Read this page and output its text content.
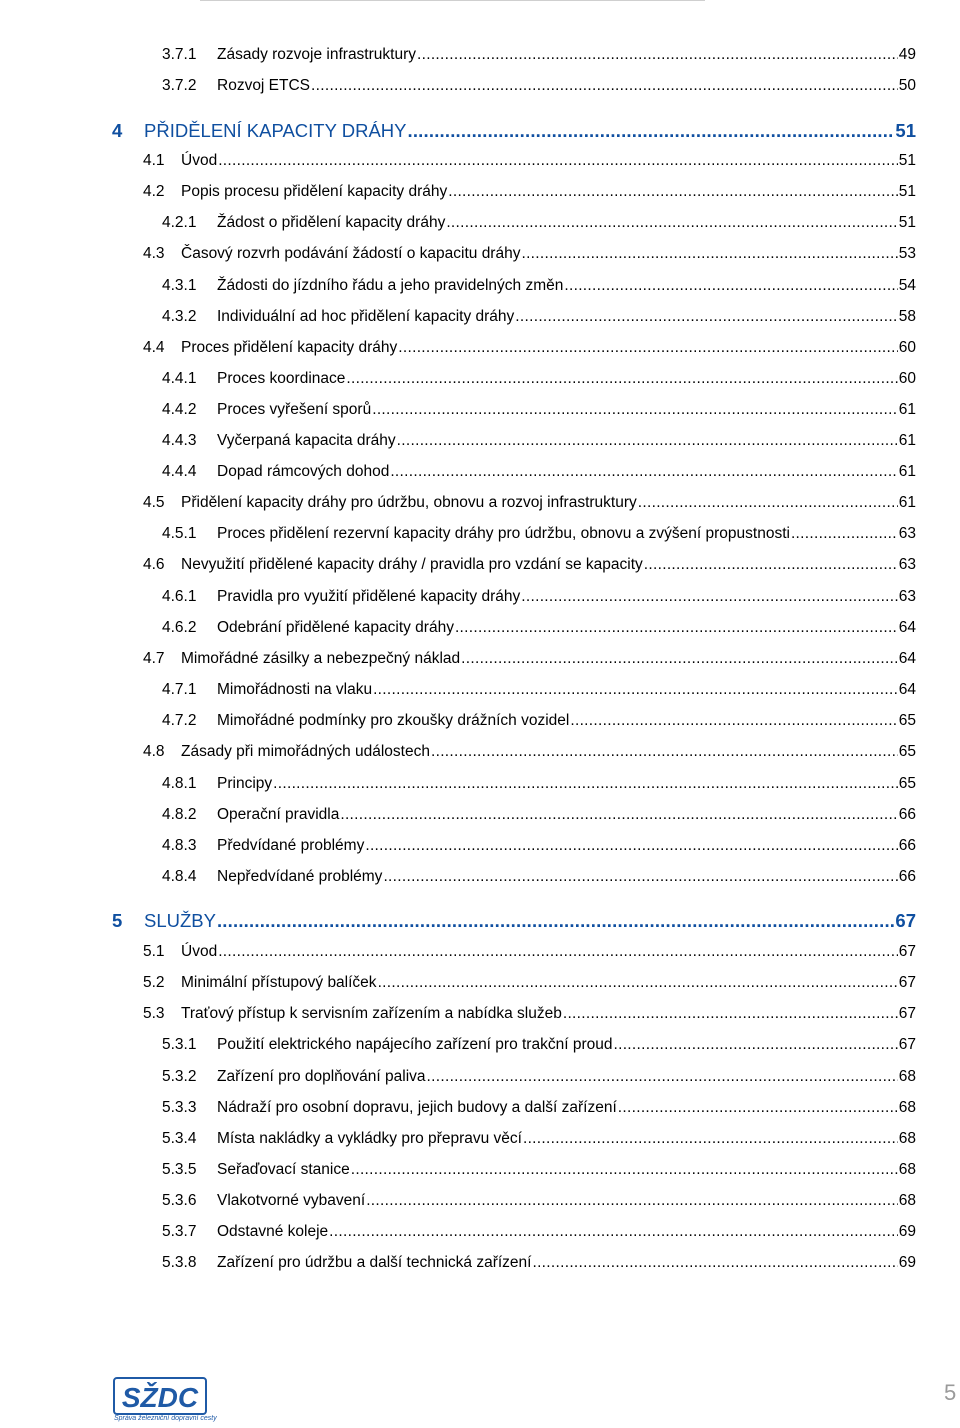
3.7.1	Zásady rozvoje infrastruktury .....	49
3.7.2	Rozvoj ETCS .....	50
4	PŘIDĚLENÍ KAPACITY DRÁHY .....	51
4.1	Úvod .....	51
4.2	Popis procesu přidělení kapacity dráhy .....	51
4.2.1	Žádost o přidělení kapacity dráhy .....	51
4.3	Časový rozvrh podávání žádostí o kapacitu dráhy .....	53
4.3.1	Žádosti do jízdního řádu a jeho pravidelných změn .....	54
4.3.2	Individuální ad hoc přidělení kapacity dráhy .....	58
4.4	Proces přidělení kapacity dráhy .....	60
4.4.1	Proces koordinace .....	60
4.4.2	Proces vyřešení sporů .....	61
4.4.3	Vyčerpaná kapacita dráhy .....	61
4.4.4	Dopad rámcových dohod .....	61
4.5	Přidělení kapacity dráhy pro údržbu, obnovu a rozvoj infrastruktury .....	61
4.5.1	Proces přidělení rezervní kapacity dráhy pro údržbu, obnovu a zvýšení propustnosti .....	63
4.6	Nevyužití přidělené kapacity dráhy / pravidla pro vzdání se kapacity .....	63
4.6.1	Pravidla pro využití přidělené kapacity dráhy .....	63
4.6.2	Odebrání přidělené kapacity dráhy .....	64
4.7	Mimořádné zásilky a nebezpečný náklad .....	64
4.7.1	Mimořádnosti na vlaku .....	64
4.7.2	Mimořádné podmínky pro zkoušky drážních vozidel .....	65
4.8	Zásady při mimořádných událostech .....	65
4.8.1	Principy .....	65
4.8.2	Operační pravidla .....	66
4.8.3	Předvídané problémy .....	66
4.8.4	Nepředvídané problémy .....	66
5	SLUŽBY .....	67
5.1	Úvod .....	67
5.2	Minimální přístupový balíček .....	67
5.3	Traťový přístup k servisním zařízením a nabídka služeb .....	67
5.3.1	Použití elektrického napájecího zařízení pro trakční proud .....	67
5.3.2	Zařízení pro doplňování paliva .....	68
5.3.3	Nádraží pro osobní dopravu, jejich budovy a další zařízení .....	68
5.3.4	Místa nakládky a vykládky pro přepravu věcí .....	68
5.3.5	Seřaďovací stanice .....	68
5.3.6	Vlakotvorné vybavení .....	68
5.3.7	Odstavné koleje .....	69
5.3.8	Zařízení pro údržbu a další technická zařízení .....	69
SŽDC
Správa železniční dopravní cesty
5
